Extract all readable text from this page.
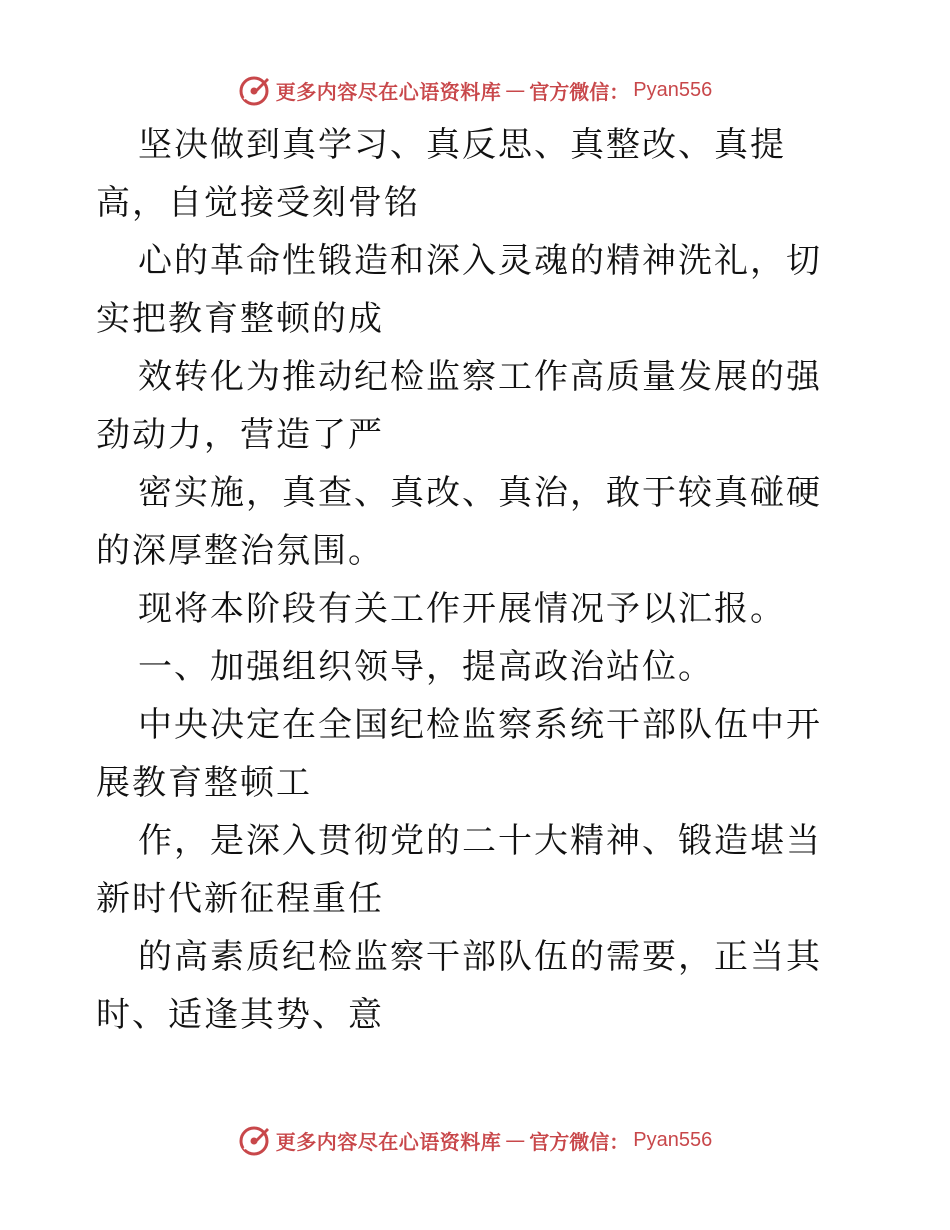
更多内容尽在心语资料库 — 官方微信： Pyan556

坚决做到真学习、真反思、真整改、真提高，自觉接受刻骨铭

心的革命性锻造和深入灵魂的精神洗礼，切实把教育整顿的成

效转化为推动纪检监察工作高质量发展的强劲动力，营造了严

密实施，真查、真改、真治，敢于较真碰硬的深厚整治氛围。

现将本阶段有关工作开展情况予以汇报。

一、加强组织领导，提高政治站位。

中央决定在全国纪检监察系统干部队伍中开展教育整顿工

作，是深入贯彻党的二十大精神、锻造堪当新时代新征程重任

的高素质纪检监察干部队伍的需要，正当其时、适逢其势、意

更多内容尽在心语资料库 — 官方微信： Pyan556
